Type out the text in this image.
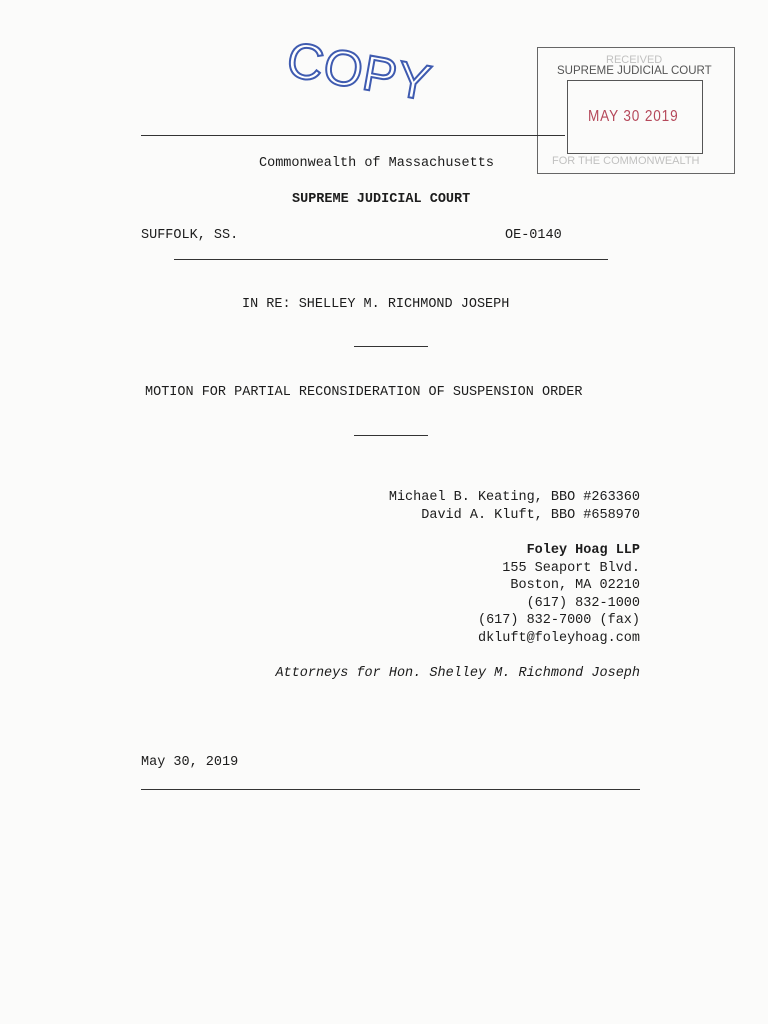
COPY	RECEIVED
SUPREME JUDICIAL COURT
MAY 30 2019
FOR THE COMMONWEALTH
Commonwealth of Massachusetts
SUPREME JUDICIAL COURT
SUFFOLK, SS.	OE-0140
IN RE: SHELLEY M. RICHMOND JOSEPH
MOTION FOR PARTIAL RECONSIDERATION OF SUSPENSION ORDER
Michael B. Keating, BBO #263360
David A. Kluft, BBO #658970
Foley Hoag LLP
155 Seaport Blvd.
Boston, MA 02210
(617) 832-1000
(617) 832-7000 (fax)
dkluft@foleyhoag.com
Attorneys for Hon. Shelley M. Richmond Joseph
May 30, 2019
